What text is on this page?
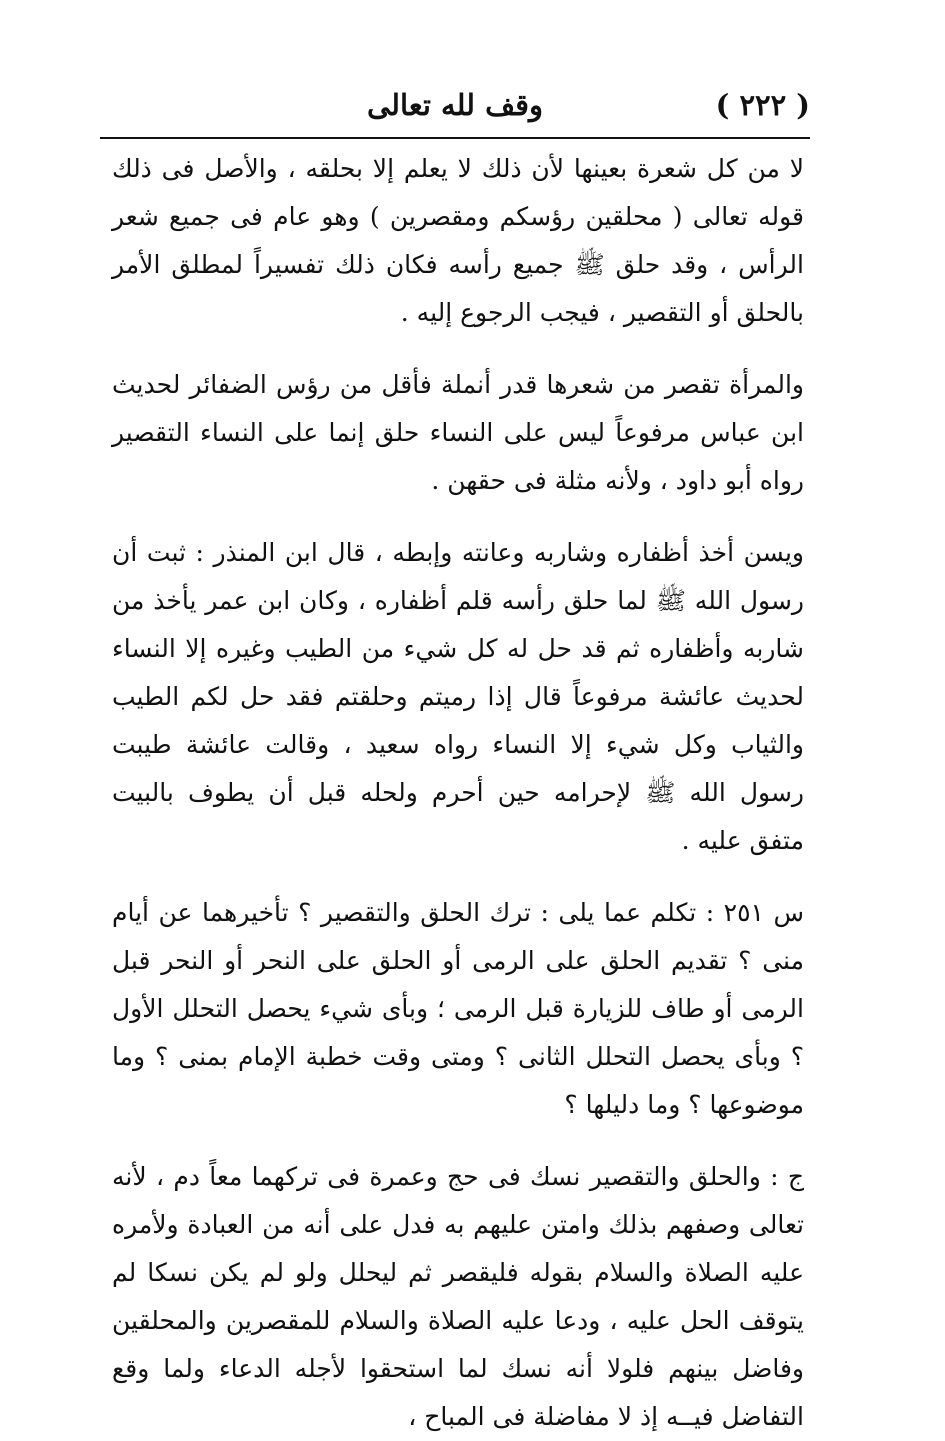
( ٢٢٢ )
وقف لله تعالى

لا من كل شعرة بعينها لأن ذلك لا يعلم إلا بحلقه ، والأصل فى ذلك قوله تعالى ( محلقين رؤسكم ومقصرين ) وهو عام فى جميع شعر الرأس ، وقد حلق ﷺ جميع رأسه فكان ذلك تفسيراً لمطلق الأمر بالحلق أو التقصير ، فيجب الرجوع إليه .

والمرأة تقصر من شعرها قدر أنملة فأقل من رؤس الضفائر لحديث ابن عباس مرفوعاً ليس على النساء حلق إنما على النساء التقصير رواه أبو داود ، ولأنه مثلة فى حقهن .

ويسن أخذ أظفاره وشاربه وعانته وإبطه ، قال ابن المنذر : ثبت أن رسول الله ﷺ لما حلق رأسه قلم أظفاره ، وكان ابن عمر يأخذ من شاربه وأظفاره ثم قد حل له كل شيء من الطيب وغيره إلا النساء لحديث عائشة مرفوعاً قال إذا رميتم وحلقتم فقد حل لكم الطيب والثياب وكل شيء إلا النساء رواه سعيد ، وقالت عائشة طيبت رسول الله ﷺ لإحرامه حين أحرم ولحله قبل أن يطوف بالبيت متفق عليه .

س ٢٥١ : تكلم عما يلى : ترك الحلق والتقصير ؟ تأخيرهما عن أيام منى ؟ تقديم الحلق على الرمى أو الحلق على النحر أو النحر قبل الرمى أو طاف للزيارة قبل الرمى ؛ وبأى شيء يحصل التحلل الأول ؟ وبأى يحصل التحلل الثانى ؟ ومتى وقت خطبة الإمام بمنى ؟ وما موضوعها ؟ وما دليلها ؟

ج : والحلق والتقصير نسك فى حج وعمرة فى تركهما معاً دم ، لأنه تعالى وصفهم بذلك وامتن عليهم به فدل على أنه من العبادة ولأمره عليه الصلاة والسلام بقوله فليقصر ثم ليحلل ولو لم يكن نسكا لم يتوقف الحل عليه ، ودعا عليه الصلاة والسلام للمقصرين والمحلقين وفاضل بينهم فلولا أنه نسك لما استحقوا لأجله الدعاء ولما وقع التفاضل فيــه إذ لا مفاضلة فى المباح ،
